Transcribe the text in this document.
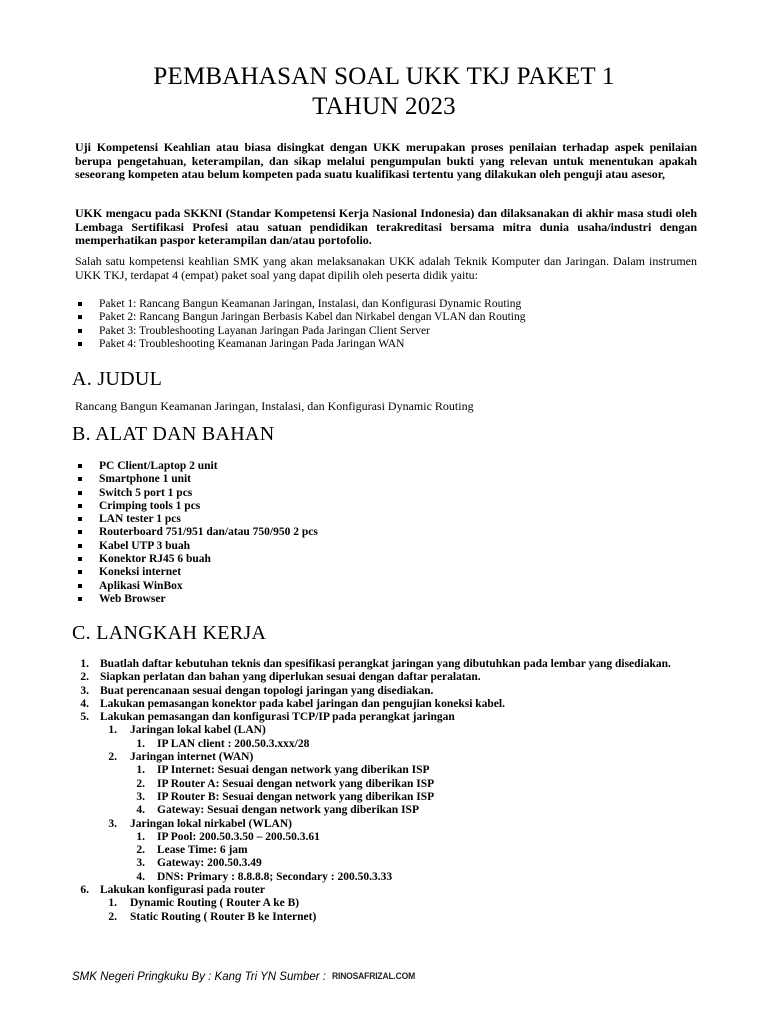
PEMBAHASAN SOAL UKK TKJ PAKET 1
TAHUN 2023

Uji Kompetensi Keahlian atau biasa disingkat dengan UKK merupakan proses penilaian terhadap aspek penilaian berupa pengetahuan, keterampilan, dan sikap melalui pengumpulan bukti yang relevan untuk menentukan apakah seseorang kompeten atau belum kompeten pada suatu kualifikasi tertentu yang dilakukan oleh penguji atau asesor,

UKK mengacu pada SKKNI (Standar Kompetensi Kerja Nasional Indonesia) dan dilaksanakan di akhir masa studi oleh Lembaga Sertifikasi Profesi atau satuan pendidikan terakreditasi bersama mitra dunia usaha/industri dengan memperhatikan paspor keterampilan dan/atau portofolio.

Salah satu kompetensi keahlian SMK yang akan melaksanakan UKK adalah Teknik Komputer dan Jaringan. Dalam instrumen UKK TKJ, terdapat 4 (empat) paket soal yang dapat dipilih oleh peserta didik yaitu:

Paket 1: Rancang Bangun Keamanan Jaringan, Instalasi, dan Konfigurasi Dynamic Routing
Paket 2: Rancang Bangun Jaringan Berbasis Kabel dan Nirkabel dengan VLAN dan Routing
Paket 3: Troubleshooting Layanan Jaringan Pada Jaringan Client Server
Paket 4: Troubleshooting Keamanan Jaringan Pada Jaringan WAN
A. JUDUL

Rancang Bangun Keamanan Jaringan, Instalasi, dan Konfigurasi Dynamic Routing

B. ALAT DAN BAHAN
PC Client/Laptop 2 unit
Smartphone 1 unit
Switch 5 port 1 pcs
Crimping tools 1 pcs
LAN tester 1 pcs
Routerboard 751/951 dan/atau 750/950 2 pcs
Kabel UTP 3 buah
Konektor RJ45 6 buah
Koneksi internet
Aplikasi WinBox
Web Browser
C. LANGKAH KERJA
1. Buatlah daftar kebutuhan teknis dan spesifikasi perangkat jaringan yang dibutuhkan pada lembar yang disediakan.
2. Siapkan perlatan dan bahan yang diperlukan sesuai dengan daftar peralatan.
3. Buat perencanaan sesuai dengan topologi jaringan yang disediakan.
4. Lakukan pemasangan konektor pada kabel jaringan dan pengujian koneksi kabel.
5. Lakukan pemasangan dan konfigurasi TCP/IP pada perangkat jaringan
1. Jaringan lokal kabel (LAN)
1. IP LAN client : 200.50.3.xxx/28
2. Jaringan internet (WAN)
1. IP Internet: Sesuai dengan network yang diberikan ISP
2. IP Router A: Sesuai dengan network yang diberikan ISP
3. IP Router B: Sesuai dengan network yang diberikan ISP
4. Gateway: Sesuai dengan network yang diberikan ISP
3. Jaringan lokal nirkabel (WLAN)
1. IP Pool: 200.50.3.50 – 200.50.3.61
2. Lease Time: 6 jam
3. Gateway: 200.50.3.49
4. DNS: Primary : 8.8.8.8; Secondary : 200.50.3.33
6. Lakukan konfigurasi pada router
1. Dynamic Routing ( Router A ke B)
2. Static Routing ( Router B ke Internet)
SMK Negeri Pringkuku By : Kang Tri YN Sumber : RINOSAFRIZAL.COM
